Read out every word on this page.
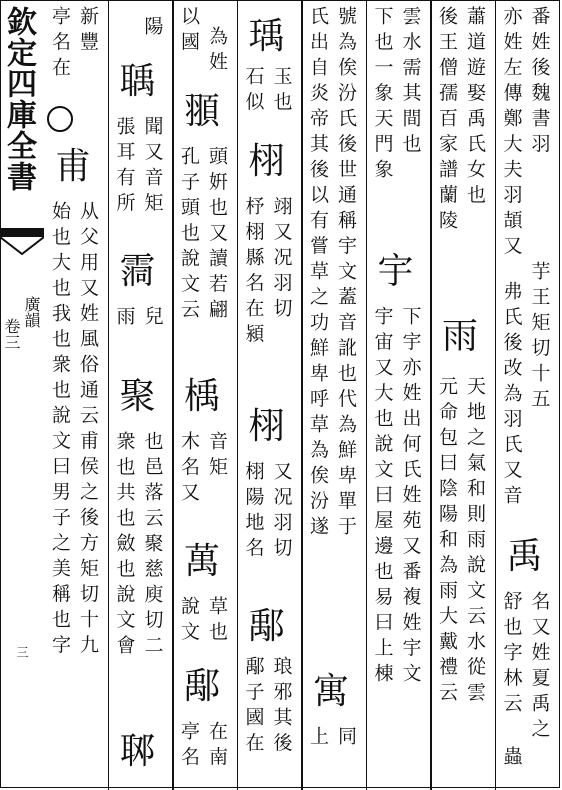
欽定四庫全書
廣韻
卷三
三
亦姓左傳鄭大夫羽頡又 番姓後魏書羽
弗氏後改為羽氏又音 芋王矩切十五
禹
舒也字林云 名又姓夏禹之
蟲
後王僧孺百家譜蘭陵 蕭道遊娶禹氏女也
雨
元命包曰陰陽和為雨大戴禮云 天地之氣和則雨說文云水從雲
下也一象天門象 雲水需其間也
宇
宇宙又大也說文曰屋邊也易曰上棟 下宇亦姓出何氏姓苑又番複姓宇文
氏出自炎帝其後以有嘗草之功鮮卑呼草為俟汾遂 號為俟汾氏後世通稱宇文蓋音訛也代為鮮卑單于
寓
上 同
瑀
石似 玉也
栩
杼栩縣名在潁 翊又况羽切
栩
栩陽地名 又况羽切
鄅
鄅子國在 琅邪其後
以國 為姓
頨
孔子頭也說文云 頭姸也又讀若翩
楀
木名又 音矩
萬
說文 草也
鄅
亭名 在南
陽
聥
張耳有所 聞又音矩
霘
雨 兒
聚
衆也共也斂也說文會 也邑落云聚慈庾切二
郰
亭名在 新豐
甫
始也大也我也衆也說文曰男子之美稱也字 从父用又姓風俗通云甫侯之後方矩切十九
